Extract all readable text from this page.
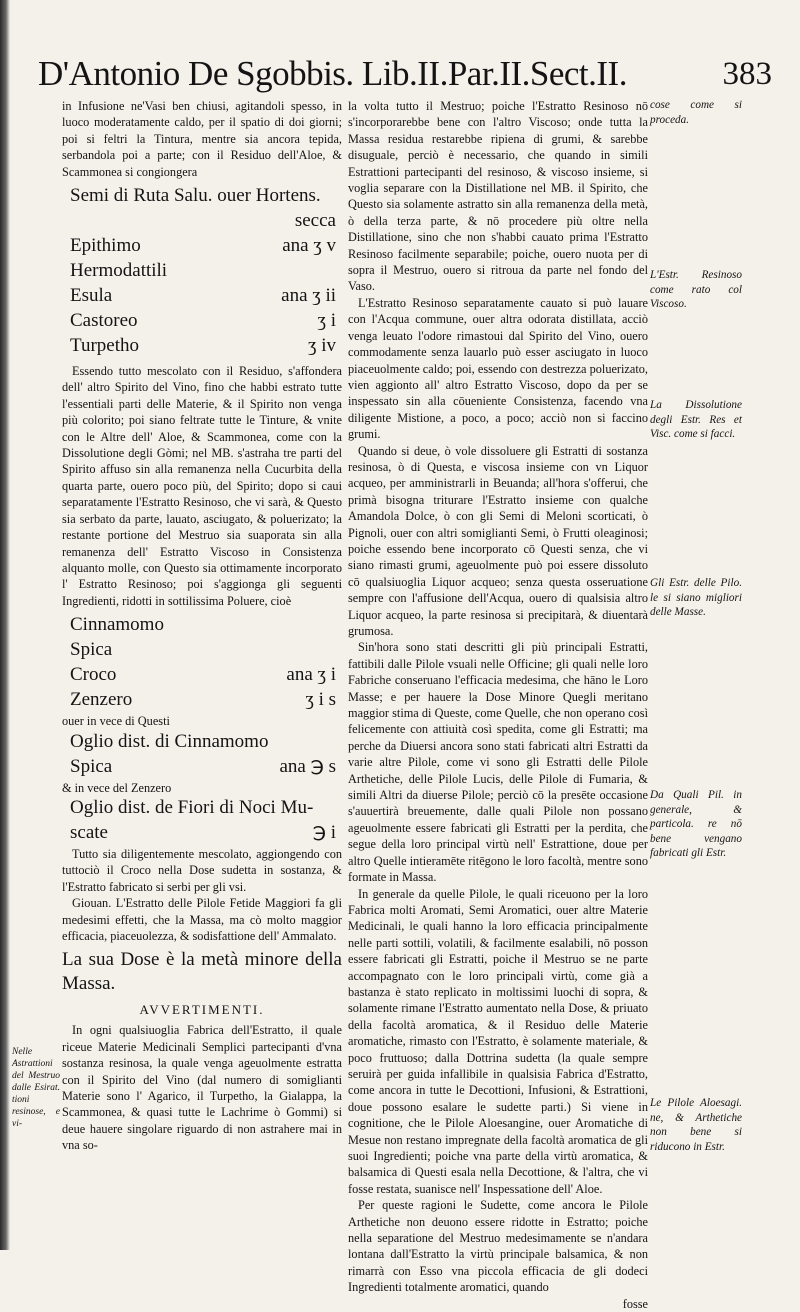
D'Antonio De Sgobbis. Lib.II.Par.II.Sect.II.	383

in Infusione ne'Vasi ben chiusi, agitandoli spesso, in luoco moderatamente caldo, per il spatio di doi giorni; poi si feltri la Tintura, mentre sia ancora tepida, serbandola poi a parte; con il Residuo dell'Aloe, & Scammonea si congiongera

Semi di Ruta Salu. ouer Hortens.
secca
Epithimo	ana ʒ v
Hermodattili
Esula	ana ʒ ii
Castoreo	ʒ i
Turpetho	ʒ iv

Essendo tutto mescolato con il Residuo, s'affondera dell' altro Spirito del Vino, fino che habbi estrato tutte l'essentiali parti delle Materie, & il Spirito non venga più colorito; poi siano feltrate tutte le Tinture, & vnite con le Altre dell' Aloe, & Scammonea, come con la Dissolutione degli Gòmi; nel MB. s'astraha tre parti del Spirito affuso sin alla remanenza nella Cucurbita della quarta parte, ouero poco più, del Spirito; dopo si caui separatamente l'Estratto Resinoso, che vi sarà, & Questo sia serbato da parte, lauato, asciugato, & poluerizato; la restante portione del Mestruo sia suaporata sin alla remanenza dell' Estratto Viscoso in Consistenza alquanto molle, con Questo sia ottimamente incorporato l' Estratto Resinoso; poi s'aggionga gli seguenti Ingredienti, ridotti in sottilissima Poluere, cioè

Cinnamomo
Spica
Croco	ana ʒ i
Zenzero	ʒ i s

ouer in vece di Questi

Oglio dist. di Cinnamomo
Spica	ana ℈ s

& in vece del Zenzero

Oglio dist. de Fiori di Noci Mu-
scate	℈ i

Tutto sia diligentemente mescolato, aggiongendo con tuttociò il Croco nella Dose sudetta in sostanza, & l'Estratto fabricato si serbi per gli vsi.

Giouan. L'Estratto delle Pilole Fetide Maggiori fa gli medesimi effetti, che la Massa, ma cò molto maggior efficacia, piaceuolezza, & sodisfattione dell' Ammalato.

La sua Dose è la metà minore della Massa.

AVVERTIMENTI.

In ogni qualsiuoglia Fabrica dell'Estratto, il quale riceue Materie Medicinali Semplici partecipanti d'vna sostanza resinosa, la quale venga ageuolmente estratta con il Spirito del Vino (dal numero di somiglianti Materie sono l' Agarico, il Turpetho, la Gialappa, la Scammonea, & quasi tutte le Lachrime ò Gommi) si deue hauere singolare riguardo di non astrahere mai in vna so-

la volta tutto il Mestruo; poiche l'Estratto Resinoso nō s'incorporarebbe bene con l'altro Viscoso; onde tutta la Massa residua restarebbe ripiena di grumi, & sarebbe disuguale, perciò è necessario, che quando in simili Estrattioni partecipanti del resinoso, & viscoso insieme, si voglia separare con la Distillatione nel MB. il Spirito, che Questo sia solamente astratto sin alla remanenza della metà, ò della terza parte, & nō procedere più oltre nella Distillatione, sino che non s'habbi cauato prima l'Estratto Resinoso facilmente separabile; poiche, ouero nuota per di sopra il Mestruo, ouero si ritroua da parte nel fondo del Vaso.

L'Estratto Resinoso separatamente cauato si può lauare con l'Acqua commune, ouer altra odorata distillata, acciò venga leuato l'odore rimastoui dal Spirito del Vino, ouero commodamente senza lauarlo può esser asciugato in luoco piaceuolmente caldo; poi, essendo con destrezza poluerizato, vien aggionto all' altro Estratto Viscoso, dopo da per se inspessato sin alla cōueniente Consistenza, facendo vna diligente Mistione, a poco, a poco; acciò non si faccino grumi.

Quando si deue, ò vole dissoluere gli Estratti di sostanza resinosa, ò di Questa, e viscosa insieme con vn Liquor acqueo, per amministrarli in Beuanda; all'hora s'offerui, che primà bisogna triturare l'Estratto insieme con qualche Amandola Dolce, ò con gli Semi di Meloni scorticati, ò Pignoli, ouer con altri somiglianti Semi, ò Frutti oleaginosi; poiche essendo bene incorporato cō Questi senza, che vi siano rimasti grumi, ageuolmente può poi essere dissoluto cō qualsiuoglia Liquor acqueo; senza questa osseruatione sempre con l'affusione dell'Acqua, ouero di qualsisia altro Liquor acqueo, la parte resinosa si precipitarà, & diuentarà grumosa.

Sin'hora sono stati descritti gli più principali Estratti, fattibili dalle Pilole vsuali nelle Officine; gli quali nelle loro Fabriche conseruano l'efficacia medesima, che hāno le Loro Masse; e per hauere la Dose Minore Quegli meritano maggior stima di Queste, come Quelle, che non operano così felicemente con attiuità così spedita, come gli Estratti; ma perche da Diuersi ancora sono stati fabricati altri Estratti da varie altre Pilole, come vi sono gli Estratti delle Pilole Arthetiche, delle Pilole Lucis, delle Pilole di Fumaria, & simili Altri da diuerse Pilole; perciò cō la presēte occasione s'auuertirà breuemente, dalle quali Pilole non possano ageuolmente essere fabricati gli Estratti per la perdita, che segue della loro principal virtù nell' Estrattione, doue per altro Quelle intieramēte ritēgono le loro facoltà, mentre sono formate in Massa.

In generale da quelle Pilole, le quali riceuono per la loro Fabrica molti Aromati, Semi Aromatici, ouer altre Materie Medicinali, le quali hanno la loro efficacia principalmente nelle parti sottili, volatili, & facilmente esalabili, nō posson essere fabricati gli Estratti, poiche il Mestruo se ne parte accompagnato con le loro principali virtù, come già a bastanza è stato replicato in moltissimi luochi di sopra, & solamente rimane l'Estratto aumentato nella Dose, & priuato della facoltà aromatica, & il Residuo delle Materie aromatiche, rimasto con l'Estratto, è solamente materiale, & poco fruttuoso; dalla Dottrina sudetta (la quale sempre seruirà per guida infallibile in qualsisia Fabrica d'Estratto, come ancora in tutte le Decottioni, Infusioni, & Estrattioni, doue possono esalare le sudette parti.) Si viene in cognitione, che le Pilole Aloesangine, ouer Aromatiche di Mesue non restano impregnate della facoltà aromatica de gli suoi Ingredienti; poiche vna parte della virtù aromatica, & balsamica di Questi esala nella Decottione, & l'altra, che vi fosse restata, suanisce nell' Inspessatione dell' Aloe.

Per queste ragioni le Sudette, come ancora le Pilole Arthetiche non deuono essere ridotte in Estratto; poiche nella separatione del Mestruo medesimamente se n'andara lontana dall'Estratto la virtù principale balsamica, & non rimarrà con Esso vna piccola efficacia de gli dodeci Ingredienti totalmente aromatici, quando

fosse

cose come si proceda.

L'Estr. Resinoso come rato col Viscoso.

La Dissolutione degli Estr. Res et Visc. come si facci.

Gli Estr. delle Pilo. le si siano migliori delle Masse.

Da Quali Pil. in generale, & particola. re nō bene vengano fabricati gli Estr.

Le Pilole Aloesagi. ne, & Arthetiche non bene si riducono in Estr.

Nelle Astrattioni del Mestruo dalle Esirat. tioni resinose, e vi-
